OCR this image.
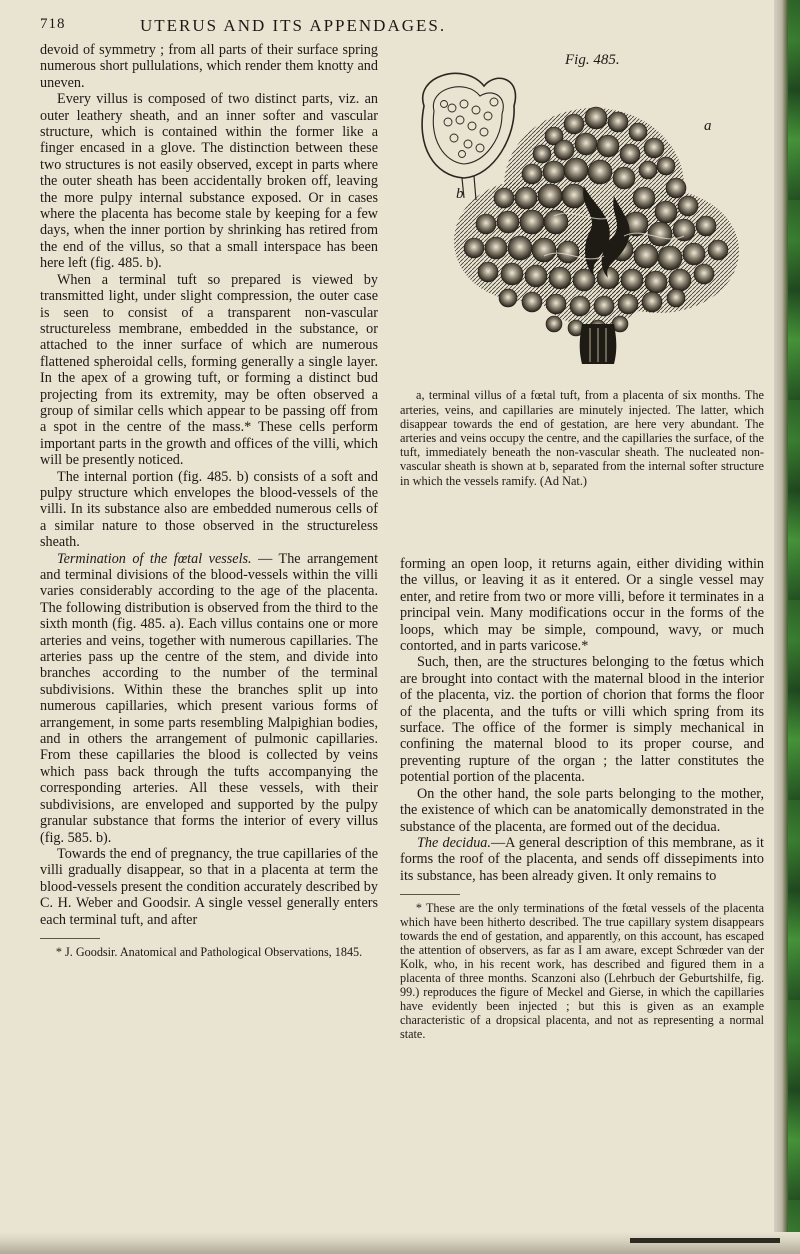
718	UTERUS AND ITS APPENDAGES.

devoid of symmetry ; from all parts of their surface spring numerous short pullulations, which render them knotty and uneven.

Every villus is composed of two distinct parts, viz. an outer leathery sheath, and an inner softer and vascular structure, which is contained within the former like a finger encased in a glove. The distinction between these two structures is not easily observed, except in parts where the outer sheath has been accidentally broken off, leaving the more pulpy internal substance exposed. Or in cases where the placenta has become stale by keeping for a few days, when the inner portion by shrinking has retired from the end of the villus, so that a small interspace has been here left (fig. 485. b).

When a terminal tuft so prepared is viewed by transmitted light, under slight compression, the outer case is seen to consist of a transparent non-vascular structureless membrane, embedded in the substance, or attached to the inner surface of which are numerous flattened spheroidal cells, forming generally a single layer. In the apex of a growing tuft, or forming a distinct bud projecting from its extremity, may be often observed a group of similar cells which appear to be passing off from a spot in the centre of the mass.* These cells perform important parts in the growth and offices of the villi, which will be presently noticed.

The internal portion (fig. 485. b) consists of a soft and pulpy structure which envelopes the blood-vessels of the villi. In its substance also are embedded numerous cells of a similar nature to those observed in the structureless sheath.

Termination of the fœtal vessels. — The arrangement and terminal divisions of the blood-vessels within the villi varies considerably according to the age of the placenta. The following distribution is observed from the third to the sixth month (fig. 485. a). Each villus contains one or more arteries and veins, together with numerous capillaries. The arteries pass up the centre of the stem, and divide into branches according to the number of the terminal subdivisions. Within these the branches split up into numerous capillaries, which present various forms of arrangement, in some parts resembling Malpighian bodies, and in others the arrangement of pulmonic capillaries. From these capillaries the blood is collected by veins which pass back through the tufts accompanying the corresponding arteries. All these vessels, with their subdivisions, are enveloped and supported by the pulpy granular substance that forms the interior of every villus (fig. 585. b).

Towards the end of pregnancy, the true capillaries of the villi gradually disappear, so that in a placenta at term the blood-vessels present the condition accurately described by C. H. Weber and Goodsir. A single vessel generally enters each terminal tuft, and after

* J. Goodsir. Anatomical and Pathological Observations, 1845.

Fig. 485.
a
b

a, terminal villus of a fœtal tuft, from a placenta of six months. The arteries, veins, and capillaries are minutely injected. The latter, which disappear towards the end of gestation, are here very abundant. The arteries and veins occupy the centre, and the capillaries the surface, of the tuft, immediately beneath the non-vascular sheath. The nucleated non-vascular sheath is shown at b, separated from the internal softer structure in which the vessels ramify. (Ad Nat.)

forming an open loop, it returns again, either dividing within the villus, or leaving it as it entered. Or a single vessel may enter, and retire from two or more villi, before it terminates in a principal vein. Many modifications occur in the forms of the loops, which may be simple, compound, wavy, or much contorted, and in parts varicose.*

Such, then, are the structures belonging to the fœtus which are brought into contact with the maternal blood in the interior of the placenta, viz. the portion of chorion that forms the floor of the placenta, and the tufts or villi which spring from its surface. The office of the former is simply mechanical in confining the maternal blood to its proper course, and preventing rupture of the organ ; the latter constitutes the potential portion of the placenta.

On the other hand, the sole parts belonging to the mother, the existence of which can be anatomically demonstrated in the substance of the placenta, are formed out of the decidua.

The decidua.—A general description of this membrane, as it forms the roof of the placenta, and sends off dissepiments into its substance, has been already given. It only remains to

* These are the only terminations of the fœtal vessels of the placenta which have been hitherto described. The true capillary system disappears towards the end of gestation, and apparently, on this account, has escaped the attention of observers, as far as I am aware, except Schrœder van der Kolk, who, in his recent work, has described and figured them in a placenta of three months. Scanzoni also (Lehrbuch der Geburtshilfe, fig. 99.) reproduces the figure of Meckel and Gierse, in which the capillaries have evidently been injected ; but this is given as an example characteristic of a dropsical placenta, and not as representing a normal state.
